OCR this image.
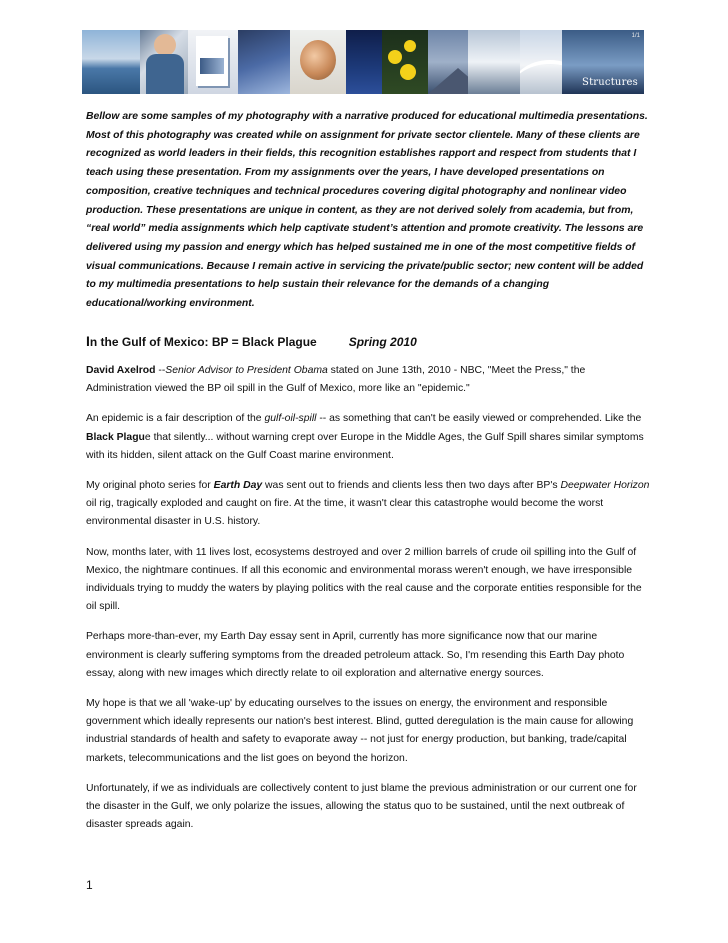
1/1
Structures

Bellow are some samples of my photography with a narrative produced for educational multimedia presentations. Most of this photography was created while on assignment for private sector clientele. Many of these clients are recognized as world leaders in their fields, this recognition establishes rapport and respect from students that I teach using these presentation. From my assignments over the years, I have developed presentations on composition, creative techniques and technical procedures covering digital photography and nonlinear video production. These presentations are unique in content, as they are not derived solely from academia, but from, “real world” media assignments which help captivate student’s attention and promote creativity. The lessons are delivered using my passion and energy which has helped sustained me in one of the most competitive fields of visual communications. Because I remain active in servicing the private/public sector; new content will be added to my multimedia presentations to help sustain their relevance for the demands of a changing educational/working environment.

In the Gulf of Mexico: BP = Black Plague	Spring 2010

David Axelrod --Senior Advisor to President Obama stated on June 13th, 2010 - NBC, "Meet the Press," the Administration viewed the BP oil spill in the Gulf of Mexico, more like an "epidemic."

An epidemic is a fair description of the gulf-oil-spill -- as something that can't be easily viewed or comprehended. Like the Black Plague that silently... without warning crept over Europe in the Middle Ages, the Gulf Spill shares similar symptoms with its hidden, silent attack on the Gulf Coast marine environment.

My original photo series for Earth Day was sent out to friends and clients less then two days after BP's Deepwater Horizon oil rig, tragically exploded and caught on fire. At the time, it wasn't clear this catastrophe would become the worst environmental disaster in U.S. history.

Now, months later, with 11 lives lost, ecosystems destroyed and over 2 million barrels of crude oil spilling into the Gulf of Mexico, the nightmare continues. If all this economic and environmental morass weren't enough, we have irresponsible individuals trying to muddy the waters by playing politics with the real cause and the corporate entities responsible for the oil spill.

Perhaps more-than-ever, my Earth Day essay sent in April, currently has more significance now that our marine environment is clearly suffering symptoms from the dreaded petroleum attack. So, I'm resending this Earth Day photo essay, along with new images which directly relate to oil exploration and alternative energy sources.

My hope is that we all 'wake-up' by educating ourselves to the issues on energy, the environment and responsible government which ideally represents our nation's best interest. Blind, gutted deregulation is the main cause for allowing industrial standards of health and safety to evaporate away -- not just for energy production, but banking, trade/capital markets, telecommunications and the list goes on beyond the horizon.

Unfortunately, if we as individuals are collectively content to just blame the previous administration or our current one for the disaster in the Gulf, we only polarize the issues, allowing the status quo to be sustained, until the next outbreak of disaster spreads again.

1
